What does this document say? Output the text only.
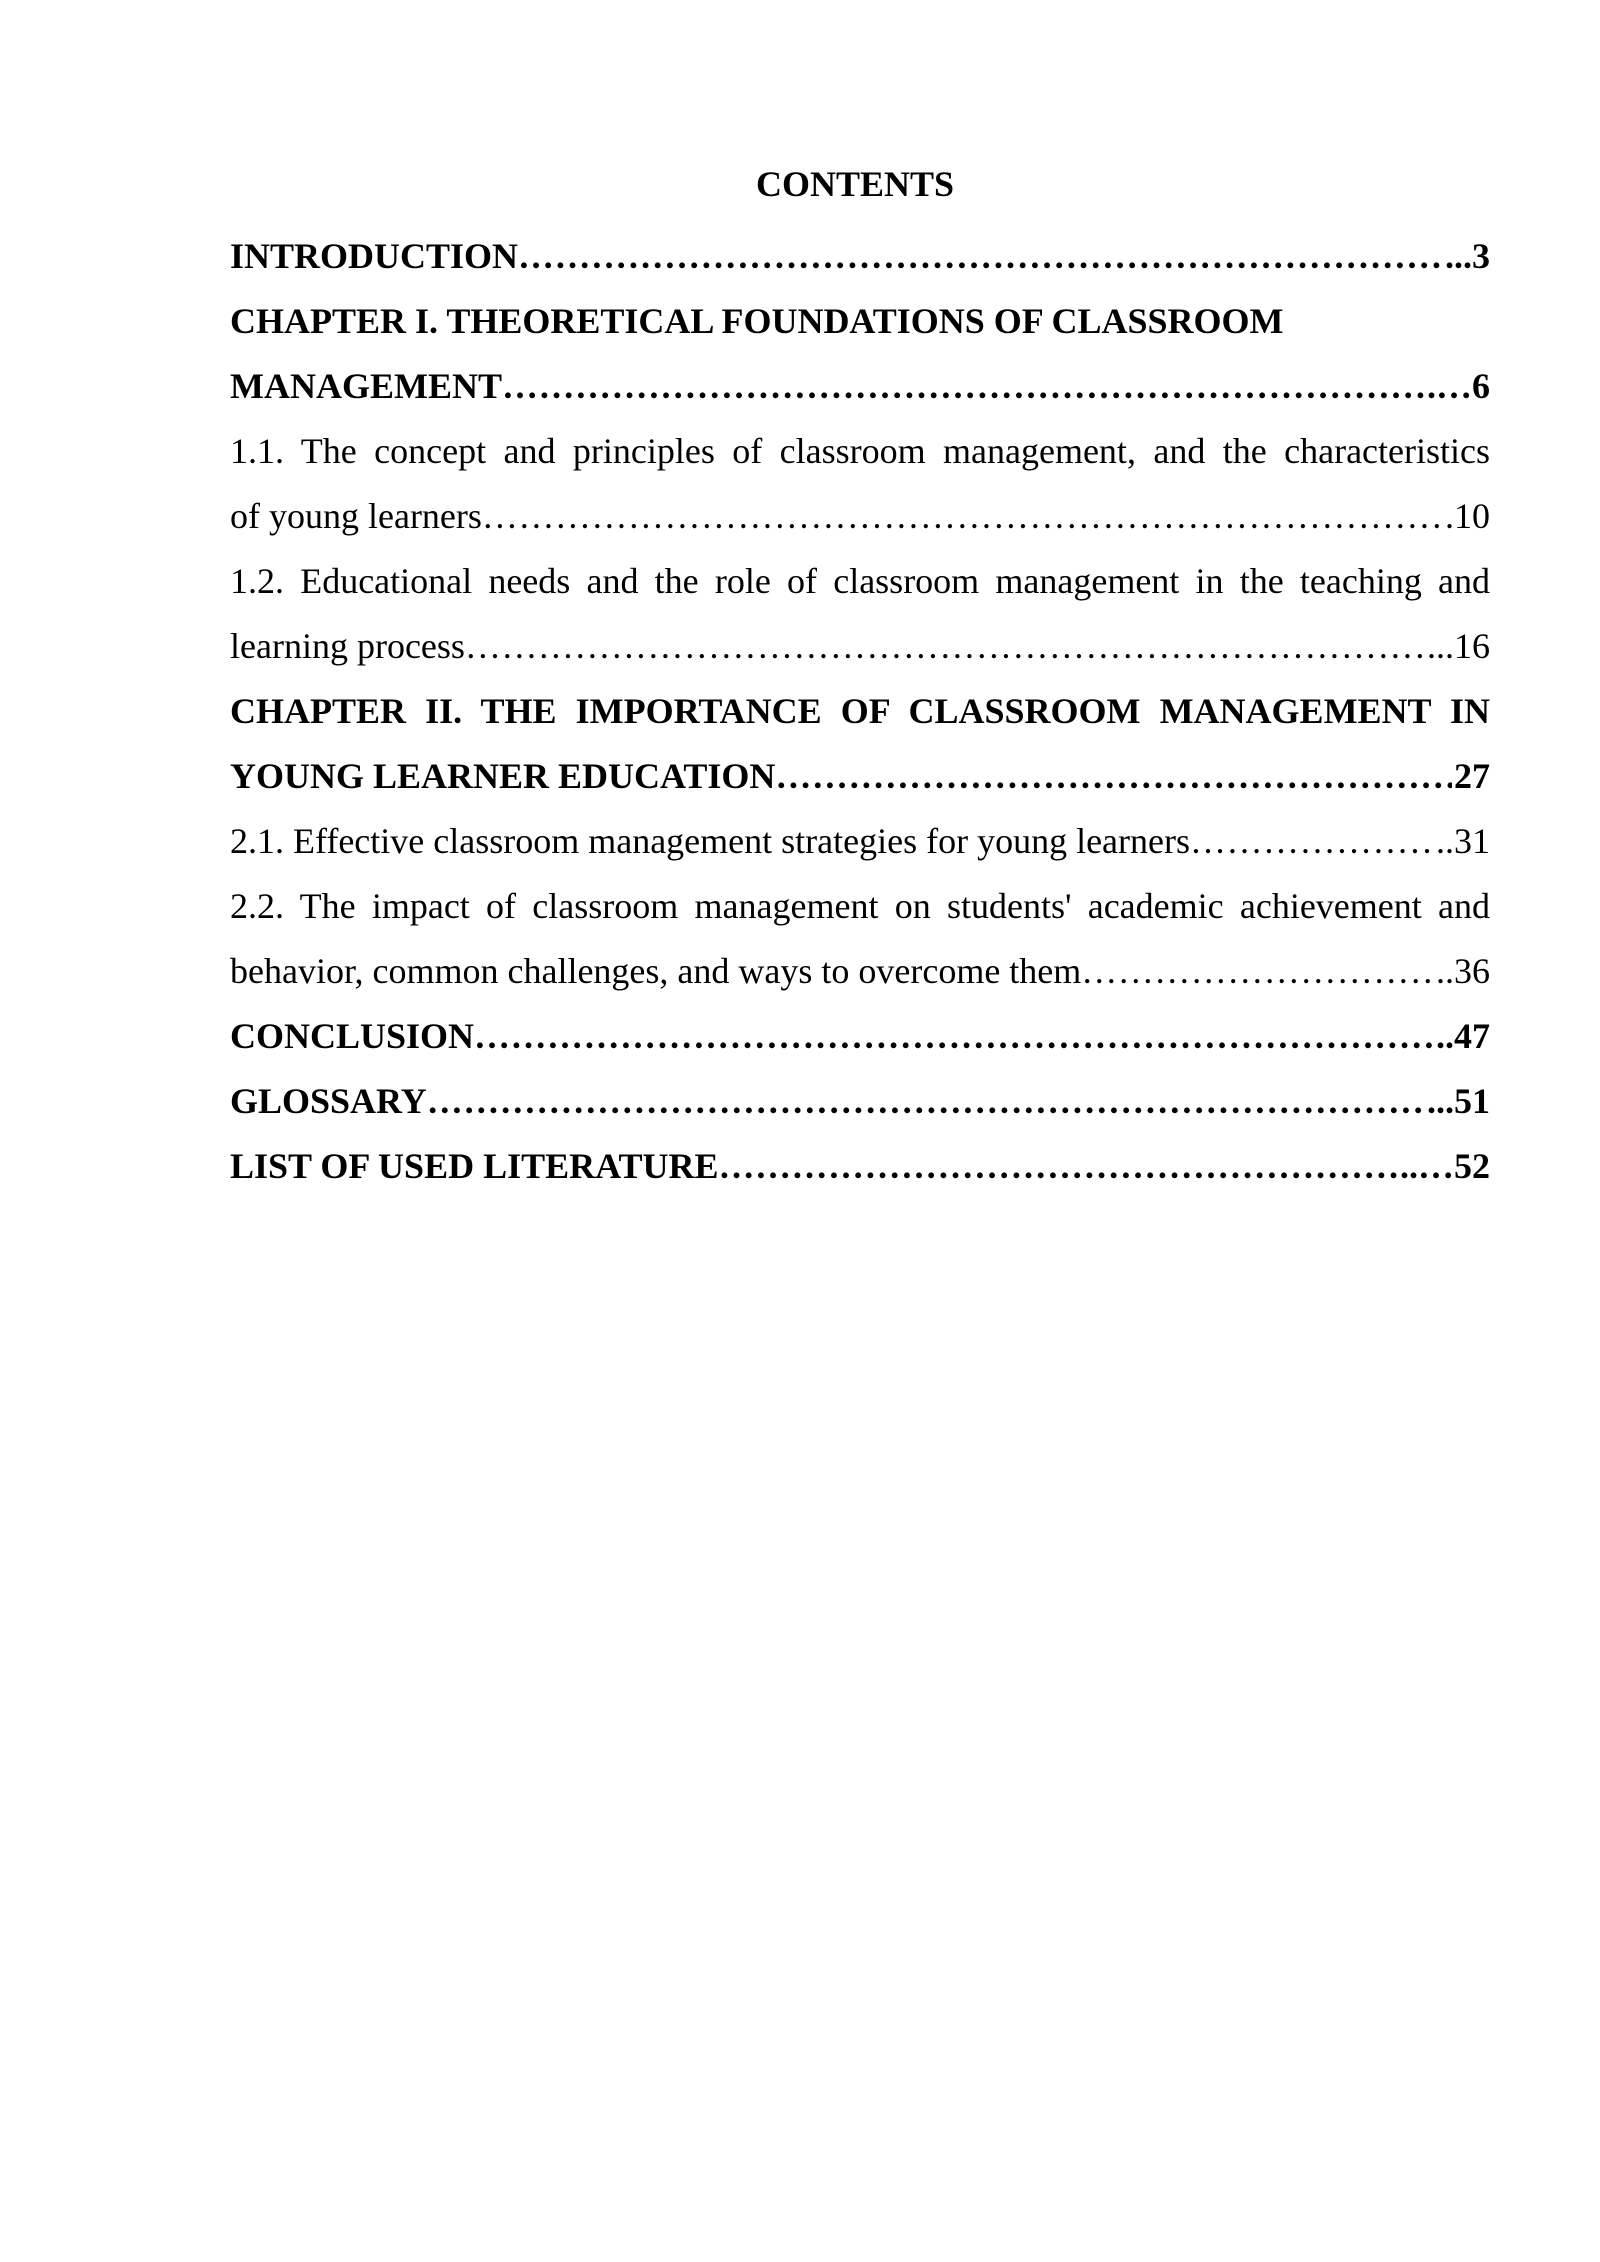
CONTENTS
INTRODUCTION ……………………………………………………………………………………………………………………………………………………………………	...3
CHAPTER I. THEORETICAL FOUNDATIONS OF CLASSROOM
MANAGEMENT ……………………………………………………………………………………………………………………………………………………………………	.…6
1.1. The concept and principles of classroom management, and the characteristics
of young learners ……………………………………………………………………………………………………………………………………………………………………	.10
1.2. Educational needs and the role of classroom management in the teaching and
learning process ……………………………………………………………………………………………………………………………………………………………………	...16
CHAPTER II. THE IMPORTANCE OF CLASSROOM MANAGEMENT IN
YOUNG LEARNER EDUCATION ……………………………………………………………………………………………………………………………………………………………………	27
2.1. Effective classroom management strategies for young learners ……………………………………………………………………………………………………………………………………………………………………	..31
2.2. The impact of classroom management on students' academic achievement and
behavior, common challenges, and ways to overcome them ……………………………………………………………………………………………………………………………………………………………………	..36
CONCLUSION ……………………………………………………………………………………………………………………………………………………………………	..47
GLOSSARY ……………………………………………………………………………………………………………………………………………………………………	...51
LIST OF USED LITERATURE ……………………………………………………………………………………………………………………………………………………………………	..…52
